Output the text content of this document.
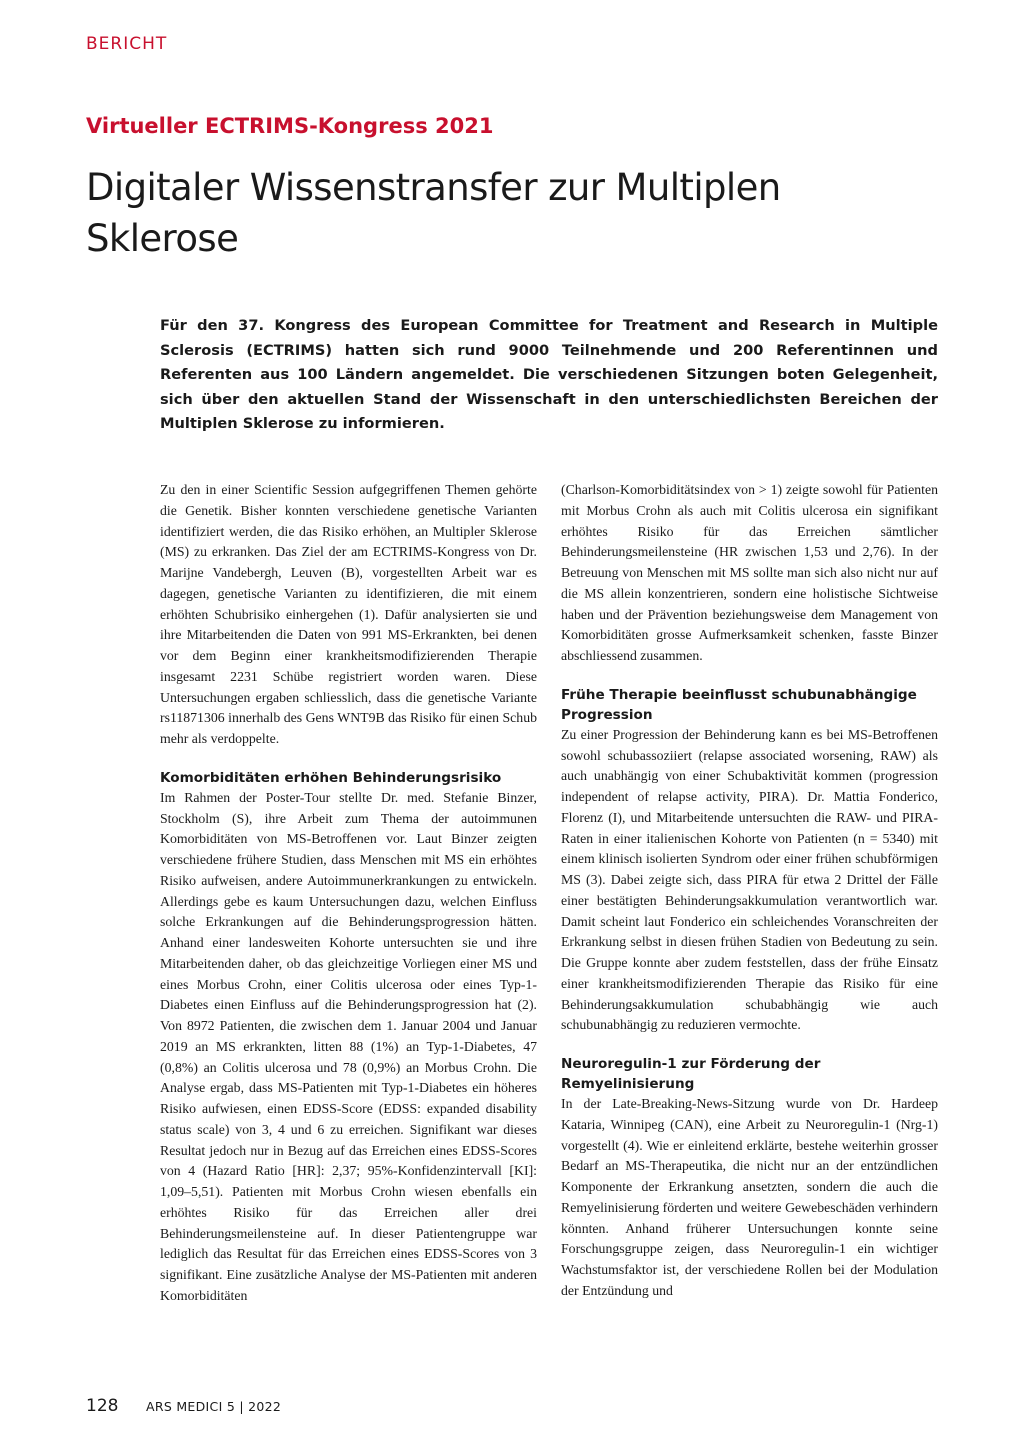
BERICHT
Virtueller ECTRIMS-Kongress 2021
Digitaler Wissenstransfer zur Multiplen Sklerose

Für den 37. Kongress des European Committee for Treatment and Research in Multiple Sclerosis (ECTRIMS) hatten sich rund 9000 Teilnehmende und 200 Referentinnen und Referenten aus 100 Ländern angemeldet. Die verschiedenen Sitzungen boten Gelegenheit, sich über den aktuellen Stand der Wissenschaft in den unterschiedlichsten Bereichen der Multiplen Sklerose zu informieren.

Zu den in einer Scientific Session aufgegriffenen Themen gehörte die Genetik. Bisher konnten verschiedene genetische Varianten identifiziert werden, die das Risiko erhöhen, an Multipler Sklerose (MS) zu erkranken. Das Ziel der am ECTRIMS-Kongress von Dr. Marijne Vandebergh, Leuven (B), vorgestellten Arbeit war es dagegen, genetische Varianten zu identifizieren, die mit einem erhöhten Schubrisiko einhergehen (1). Dafür analysierten sie und ihre Mitarbeitenden die Daten von 991 MS-Erkrankten, bei denen vor dem Beginn einer krankheitsmodifizierenden Therapie insgesamt 2231 Schübe registriert worden waren. Diese Untersuchungen ergaben schliesslich, dass die genetische Variante rs11871306 innerhalb des Gens WNT9B das Risiko für einen Schub mehr als verdoppelte.

Komorbiditäten erhöhen Behinderungsrisiko

Im Rahmen der Poster-Tour stellte Dr. med. Stefanie Binzer, Stockholm (S), ihre Arbeit zum Thema der autoimmunen Komorbiditäten von MS-Betroffenen vor. Laut Binzer zeigten verschiedene frühere Studien, dass Menschen mit MS ein erhöhtes Risiko aufweisen, andere Autoimmunerkrankungen zu entwickeln. Allerdings gebe es kaum Untersuchungen dazu, welchen Einfluss solche Erkrankungen auf die Behinderungsprogression hätten. Anhand einer landesweiten Kohorte untersuchten sie und ihre Mitarbeitenden daher, ob das gleichzeitige Vorliegen einer MS und eines Morbus Crohn, einer Colitis ulcerosa oder eines Typ-1-Diabetes einen Einfluss auf die Behinderungsprogression hat (2). Von 8972 Patienten, die zwischen dem 1. Januar 2004 und Januar 2019 an MS erkrankten, litten 88 (1%) an Typ-1-Diabetes, 47 (0,8%) an Colitis ulcerosa und 78 (0,9%) an Morbus Crohn. Die Analyse ergab, dass MS-Patienten mit Typ-1-Diabetes ein höheres Risiko aufwiesen, einen EDSS-Score (EDSS: expanded disability status scale) von 3, 4 und 6 zu erreichen. Signifikant war dieses Resultat jedoch nur in Bezug auf das Erreichen eines EDSS-Scores von 4 (Hazard Ratio [HR]: 2,37; 95%-Konfidenzintervall [KI]: 1,09–5,51). Patienten mit Morbus Crohn wiesen ebenfalls ein erhöhtes Risiko für das Erreichen aller drei Behinderungsmeilensteine auf. In dieser Patientengruppe war lediglich das Resultat für das Erreichen eines EDSS-Scores von 3 signifikant. Eine zusätzliche Analyse der MS-Patienten mit anderen Komorbiditäten

(Charlson-Komorbiditätsindex von > 1) zeigte sowohl für Patienten mit Morbus Crohn als auch mit Colitis ulcerosa ein signifikant erhöhtes Risiko für das Erreichen sämtlicher Behinderungsmeilensteine (HR zwischen 1,53 und 2,76). In der Betreuung von Menschen mit MS sollte man sich also nicht nur auf die MS allein konzentrieren, sondern eine holistische Sichtweise haben und der Prävention beziehungsweise dem Management von Komorbiditäten grosse Aufmerksamkeit schenken, fasste Binzer abschliessend zusammen.

Frühe Therapie beeinflusst schubunabhängige Progression

Zu einer Progression der Behinderung kann es bei MS-Betroffenen sowohl schubassoziiert (relapse associated worsening, RAW) als auch unabhängig von einer Schubaktivität kommen (progression independent of relapse activity, PIRA). Dr. Mattia Fonderico, Florenz (I), und Mitarbeitende untersuchten die RAW- und PIRA-Raten in einer italienischen Kohorte von Patienten (n = 5340) mit einem klinisch isolierten Syndrom oder einer frühen schubförmigen MS (3). Dabei zeigte sich, dass PIRA für etwa 2 Drittel der Fälle einer bestätigten Behinderungsakkumulation verantwortlich war. Damit scheint laut Fonderico ein schleichendes Voranschreiten der Erkrankung selbst in diesen frühen Stadien von Bedeutung zu sein. Die Gruppe konnte aber zudem feststellen, dass der frühe Einsatz einer krankheitsmodifizierenden Therapie das Risiko für eine Behinderungsakkumulation schubabhängig wie auch schubunabhängig zu reduzieren vermochte.

Neuroregulin-1 zur Förderung der Remyelinisierung

In der Late-Breaking-News-Sitzung wurde von Dr. Hardeep Kataria, Winnipeg (CAN), eine Arbeit zu Neuroregulin-1 (Nrg-1) vorgestellt (4). Wie er einleitend erklärte, bestehe weiterhin grosser Bedarf an MS-Therapeutika, die nicht nur an der entzündlichen Komponente der Erkrankung ansetzten, sondern die auch die Remyelinisierung förderten und weitere Gewebeschäden verhindern könnten. Anhand früherer Untersuchungen konnte seine Forschungsgruppe zeigen, dass Neuroregulin-1 ein wichtiger Wachstumsfaktor ist, der verschiedene Rollen bei der Modulation der Entzündung und

128 ARS MEDICI 5 | 2022
